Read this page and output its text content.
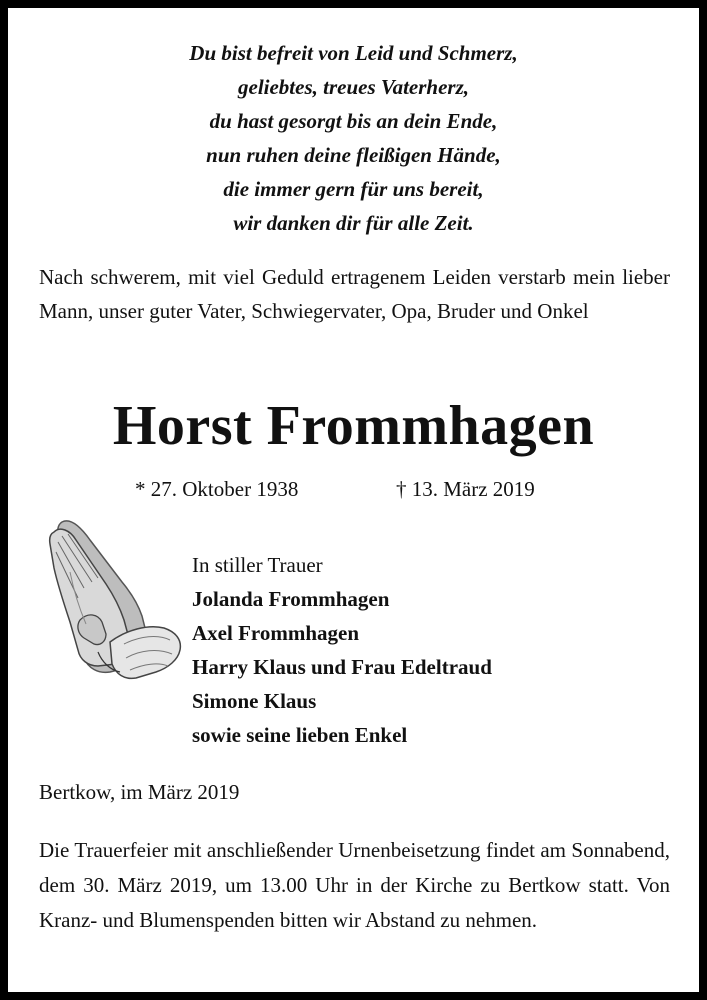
Du bist befreit von Leid und Schmerz,
geliebtes, treues Vaterherz,
du hast gesorgt bis an dein Ende,
nun ruhen deine fleißigen Hände,
die immer gern für uns bereit,
wir danken dir für alle Zeit.
Nach schwerem, mit viel Geduld ertragenem Leiden verstarb mein lieber Mann, unser guter Vater, Schwiegervater, Opa, Bruder und Onkel
Horst Frommhagen
* 27. Oktober 1938	† 13. März 2019
In stiller Trauer
Jolanda Frommhagen
Axel Frommhagen
Harry Klaus und Frau Edeltraud
Simone Klaus
sowie seine lieben Enkel
Bertkow, im März 2019
Die Trauerfeier mit anschließender Urnenbeisetzung findet am Sonnabend, dem 30. März 2019, um 13.00 Uhr in der Kirche zu Bertkow statt. Von Kranz- und Blumenspenden bitten wir Abstand zu nehmen.
